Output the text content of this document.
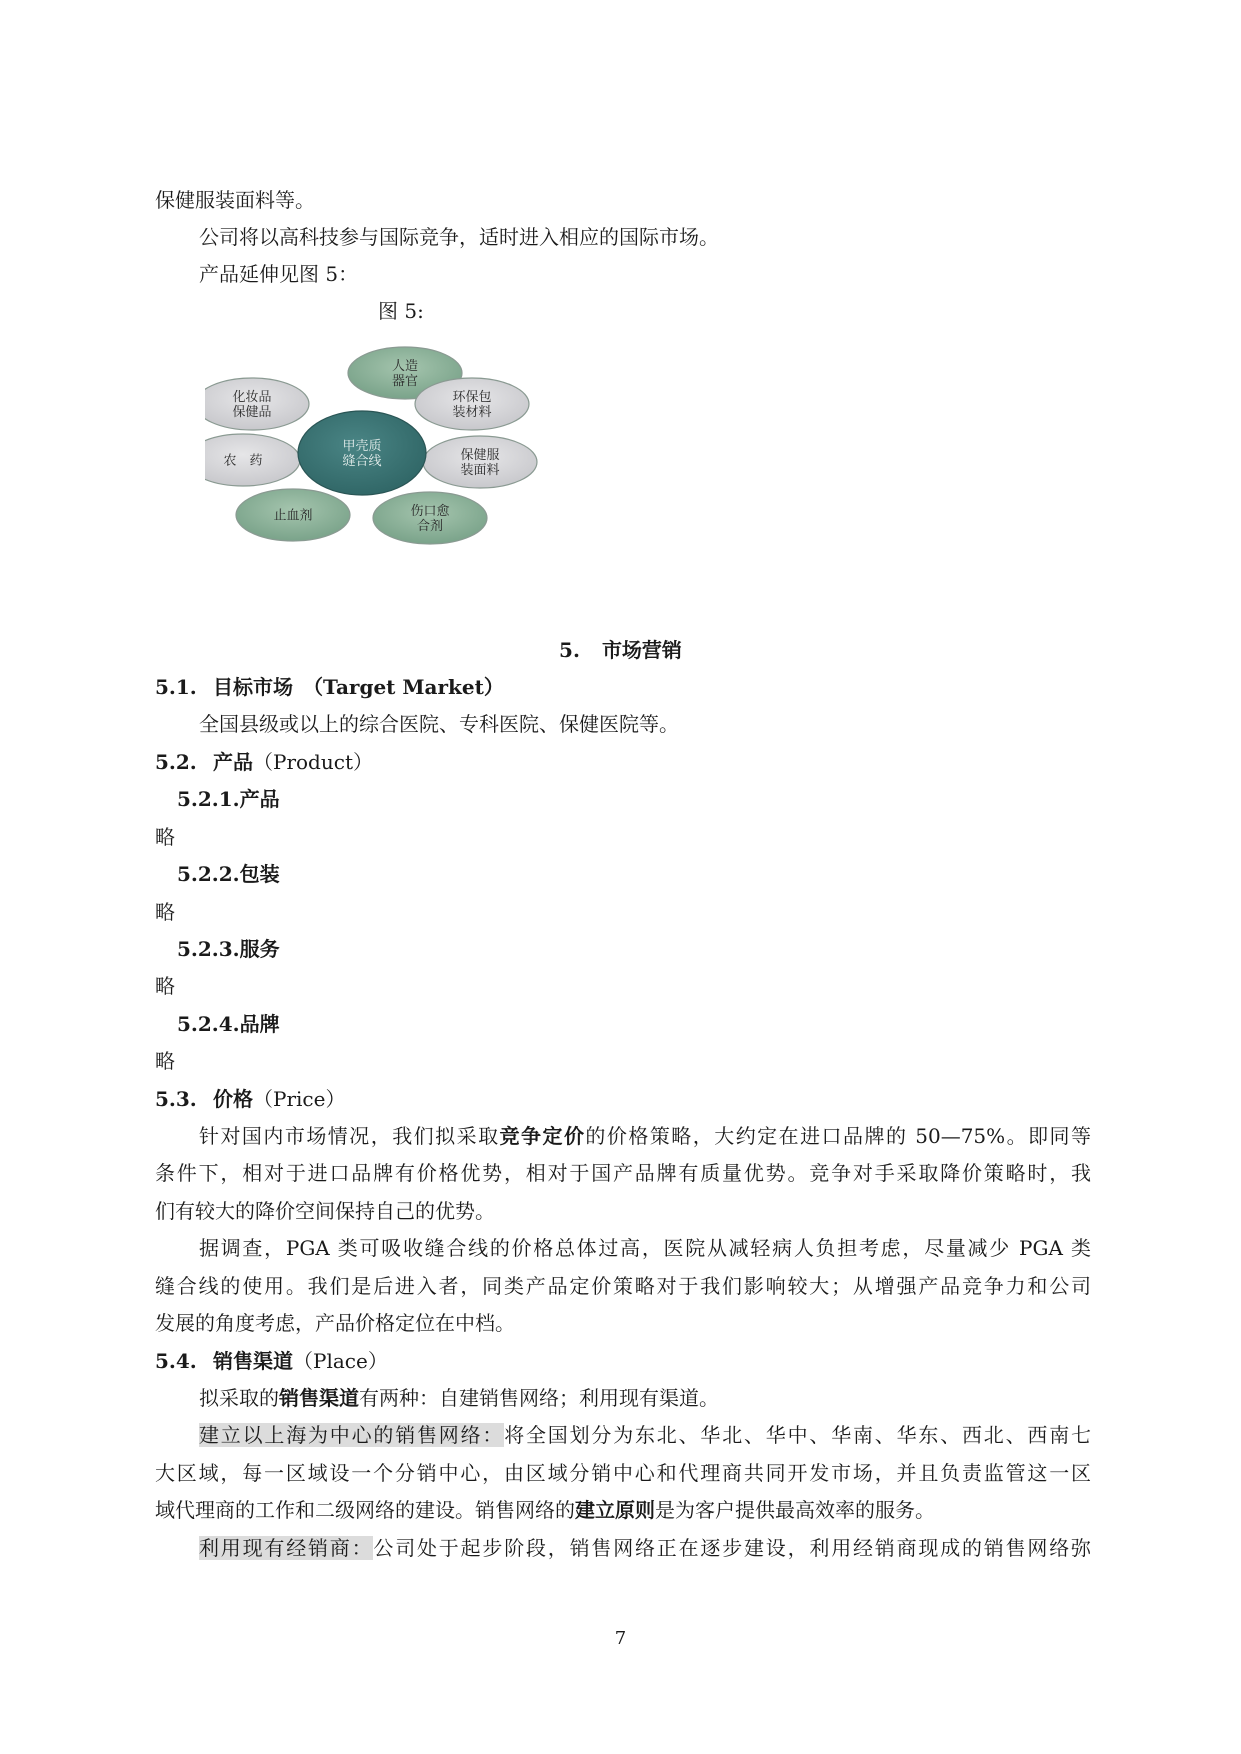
保健服装面料等。
公司将以高科技参与国际竞争，适时进入相应的国际市场。
产品延伸见图 5：
图 5:
人造
器官
环保包
装材料
保健服
装面料
伤口愈
合剂
止血剂
农　药
化妆品
保健品
甲壳质
缝合线
5. 市场营销
5.1. 目标市场 （Target Market）
全国县级或以上的综合医院、专科医院、保健医院等。
5.2. 产品（Product）
5.2.1.产品
略
5.2.2.包装
略
5.2.3.服务
略
5.2.4.品牌
略
5.3. 价格（Price）
针对国内市场情况，我们拟采取竞争定价的价格策略，大约定在进口品牌的 50—75%。即同等
条件下，相对于进口品牌有价格优势，相对于国产品牌有质量优势。竞争对手采取降价策略时，我
们有较大的降价空间保持自己的优势。
据调查，PGA 类可吸收缝合线的价格总体过高，医院从减轻病人负担考虑，尽量减少 PGA 类
缝合线的使用。我们是后进入者，同类产品定价策略对于我们影响较大；从增强产品竞争力和公司
发展的角度考虑，产品价格定位在中档。
5.4. 销售渠道（Place）
拟采取的销售渠道有两种：自建销售网络；利用现有渠道。
建立以上海为中心的销售网络：将全国划分为东北、华北、华中、华南、华东、西北、西南七
大区域，每一区域设一个分销中心，由区域分销中心和代理商共同开发市场，并且负责监管这一区
域代理商的工作和二级网络的建设。销售网络的建立原则是为客户提供最高效率的服务。
利用现有经销商：公司处于起步阶段，销售网络正在逐步建设，利用经销商现成的销售网络弥
7
